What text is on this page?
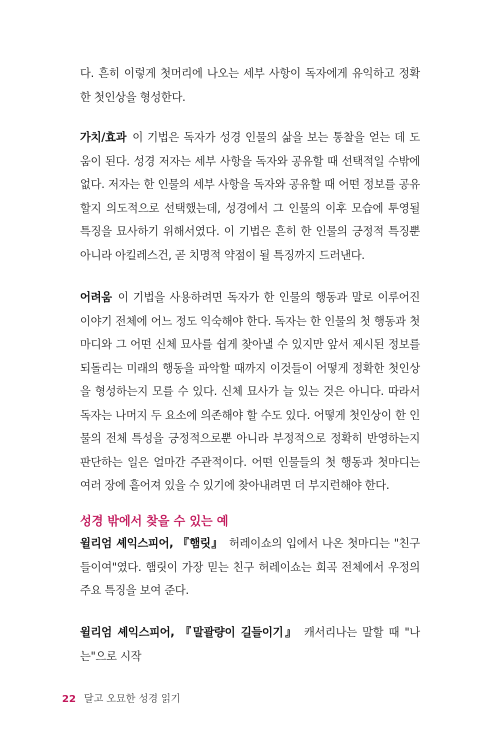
다. 흔히 이렇게 첫머리에 나오는 세부 사항이 독자에게 유익하고 정확한 첫인상을 형성한다.

가치/효과 이 기법은 독자가 성경 인물의 삶을 보는 통찰을 얻는 데 도움이 된다. 성경 저자는 세부 사항을 독자와 공유할 때 선택적일 수밖에 없다. 저자는 한 인물의 세부 사항을 독자와 공유할 때 어떤 정보를 공유할지 의도적으로 선택했는데, 성경에서 그 인물의 이후 모습에 투영될 특징을 묘사하기 위해서였다. 이 기법은 흔히 한 인물의 긍정적 특징뿐 아니라 아킬레스건, 곧 치명적 약점이 될 특징까지 드러낸다.

어려움 이 기법을 사용하려면 독자가 한 인물의 행동과 말로 이루어진 이야기 전체에 어느 정도 익숙해야 한다. 독자는 한 인물의 첫 행동과 첫마디와 그 어떤 신체 묘사를 쉽게 찾아낼 수 있지만 앞서 제시된 정보를 되돌리는 미래의 행동을 파악할 때까지 이것들이 어떻게 정확한 첫인상을 형성하는지 모를 수 있다. 신체 묘사가 늘 있는 것은 아니다. 따라서 독자는 나머지 두 요소에 의존해야 할 수도 있다. 어떻게 첫인상이 한 인물의 전체 특성을 긍정적으로뿐 아니라 부정적으로 정확히 반영하는지 판단하는 일은 얼마간 주관적이다. 어떤 인물들의 첫 행동과 첫마디는 여러 장에 흩어져 있을 수 있기에 찾아내려면 더 부지런해야 한다.

성경 밖에서 찾을 수 있는 예

윌리엄 셰익스피어, 『햄릿』 허레이쇼의 입에서 나온 첫마디는 "친구들이여"였다. 햄릿이 가장 믿는 친구 허레이쇼는 희곡 전체에서 우정의 주요 특징을 보여 준다.

윌리엄 셰익스피어, 『말괄량이 길들이기』 캐서리나는 말할 때 "나는"으로 시작

22 달고 오묘한 성경 읽기
